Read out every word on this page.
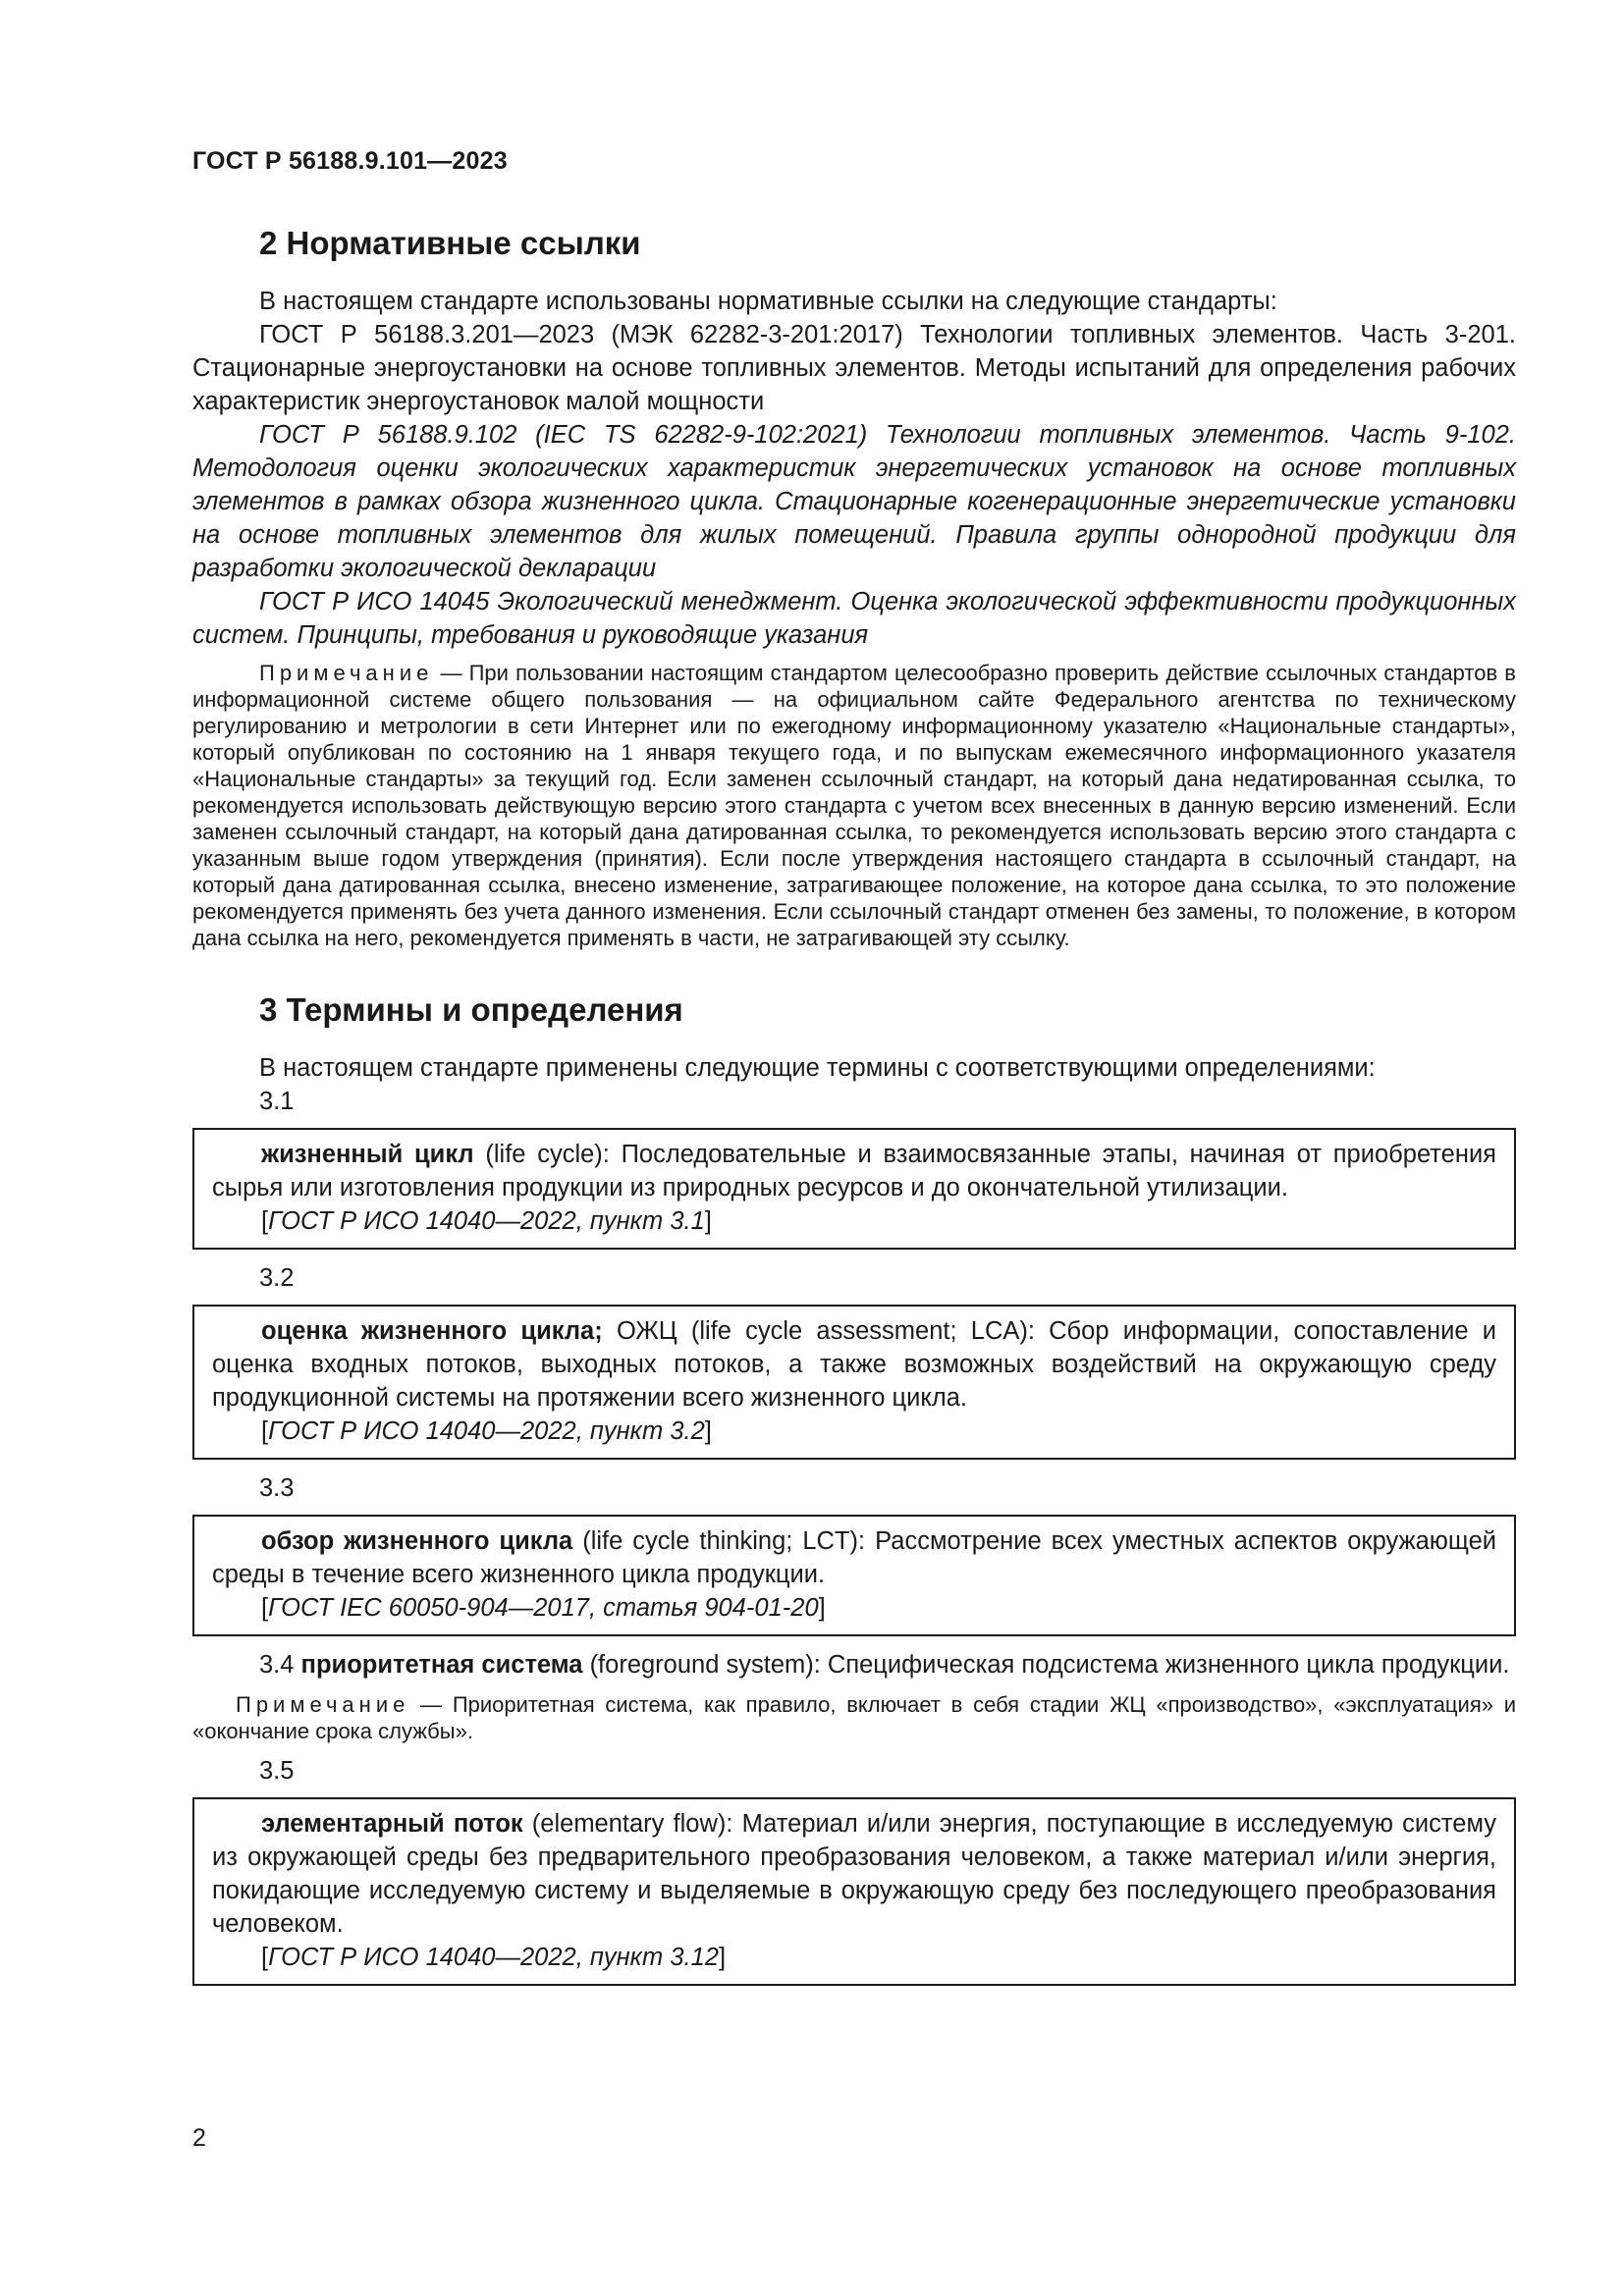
ГОСТ Р 56188.9.101—2023
2 Нормативные ссылки

В настоящем стандарте использованы нормативные ссылки на следующие стандарты:

ГОСТ Р 56188.3.201—2023 (МЭК 62282-3-201:2017) Технологии топливных элементов. Часть 3-201. Стационарные энергоустановки на основе топливных элементов. Методы испытаний для определения рабочих характеристик энергоустановок малой мощности

ГОСТ Р 56188.9.102 (IEC TS 62282-9-102:2021) Технологии топливных элементов. Часть 9-102. Методология оценки экологических характеристик энергетических установок на основе топливных элементов в рамках обзора жизненного цикла. Стационарные когенерационные энергетические установки на основе топливных элементов для жилых помещений. Правила группы однородной продукции для разработки экологической декларации

ГОСТ Р ИСО 14045 Экологический менеджмент. Оценка экологической эффективности продукционных систем. Принципы, требования и руководящие указания

Примечание — При пользовании настоящим стандартом целесообразно проверить действие ссылочных стандартов в информационной системе общего пользования — на официальном сайте Федерального агентства по техническому регулированию и метрологии в сети Интернет или по ежегодному информационному указателю «Национальные стандарты», который опубликован по состоянию на 1 января текущего года, и по выпускам ежемесячного информационного указателя «Национальные стандарты» за текущий год. Если заменен ссылочный стандарт, на который дана недатированная ссылка, то рекомендуется использовать действующую версию этого стандарта с учетом всех внесенных в данную версию изменений. Если заменен ссылочный стандарт, на который дана датированная ссылка, то рекомендуется использовать версию этого стандарта с указанным выше годом утверждения (принятия). Если после утверждения настоящего стандарта в ссылочный стандарт, на который дана датированная ссылка, внесено изменение, затрагивающее положение, на которое дана ссылка, то это положение рекомендуется применять без учета данного изменения. Если ссылочный стандарт отменен без замены, то положение, в котором дана ссылка на него, рекомендуется применять в части, не затрагивающей эту ссылку.

3 Термины и определения

В настоящем стандарте применены следующие термины с соответствующими определениями:

3.1

жизненный цикл (life cycle): Последовательные и взаимосвязанные этапы, начиная от приобретения сырья или изготовления продукции из природных ресурсов и до окончательной утилизации.

[ГОСТ Р ИСО 14040—2022, пункт 3.1]
3.2

оценка жизненного цикла; ОЖЦ (life cycle assessment; LCA): Сбор информации, сопоставление и оценка входных потоков, выходных потоков, а также возможных воздействий на окружающую среду продукционной системы на протяжении всего жизненного цикла.

[ГОСТ Р ИСО 14040—2022, пункт 3.2]
3.3

обзор жизненного цикла (life cycle thinking; LCT): Рассмотрение всех уместных аспектов окружающей среды в течение всего жизненного цикла продукции.

[ГОСТ IEC 60050-904—2017, статья 904-01-20]

3.4 приоритетная система (foreground system): Специфическая подсистема жизненного цикла продукции.

Примечание — Приоритетная система, как правило, включает в себя стадии ЖЦ «производство», «эксплуатация» и «окончание срока службы».

3.5

элементарный поток (elementary flow): Материал и/или энергия, поступающие в исследуемую систему из окружающей среды без предварительного преобразования человеком, а также материал и/или энергия, покидающие исследуемую систему и выделяемые в окружающую среду без последующего преобразования человеком.

[ГОСТ Р ИСО 14040—2022, пункт 3.12]
2
